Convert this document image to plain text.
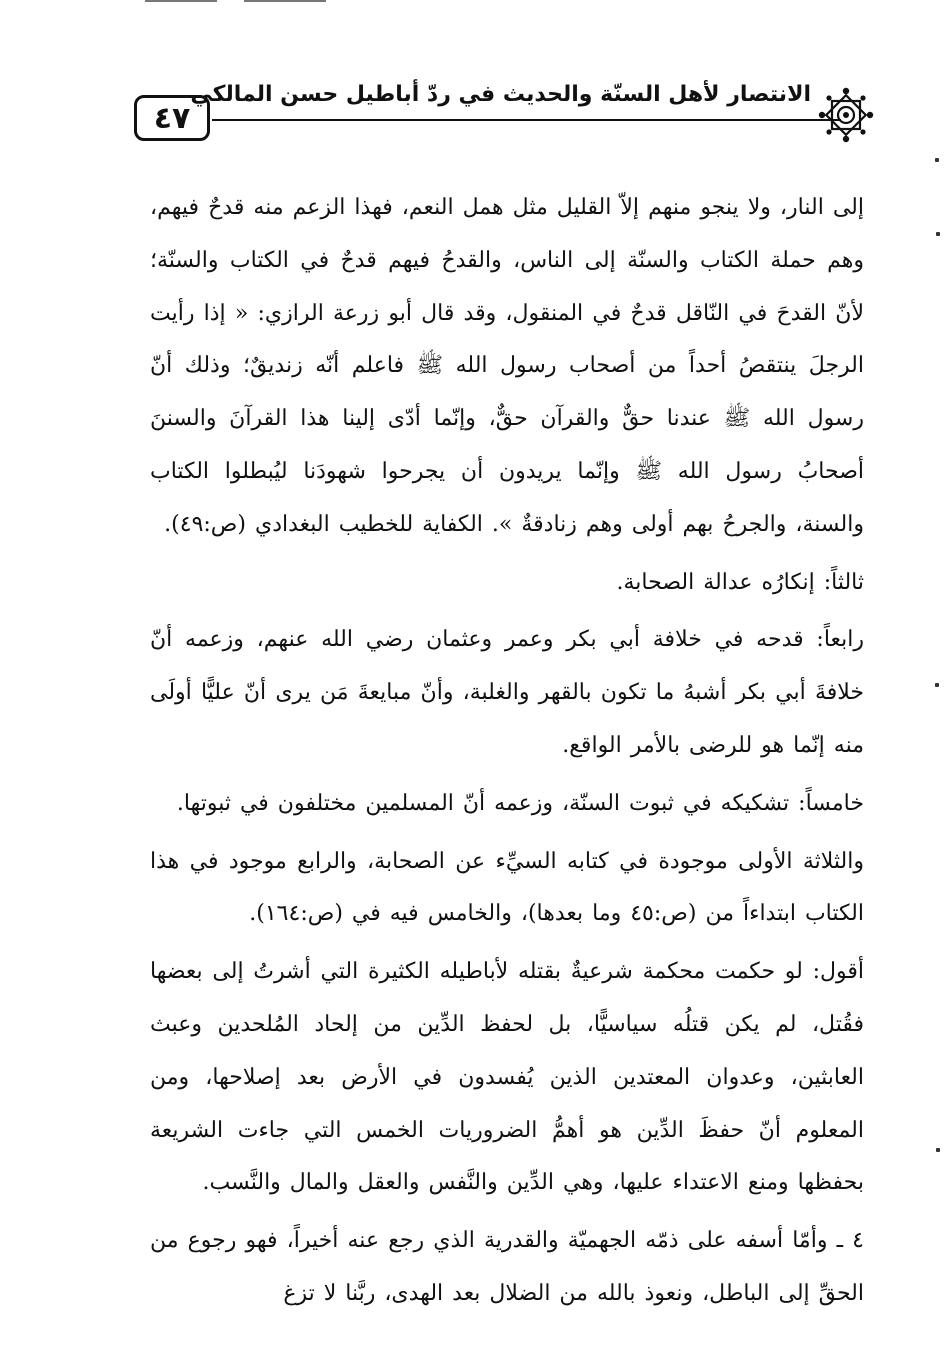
٤٧
الانتصار لأهل السنّة والحديث في ردّ أباطيل حسن المالكي

إلى النار، ولا ينجو منهم إلاّ القليل مثل همل النعم، فهذا الزعم منه قدحٌ فيهم، وهم حملة الكتاب والسنّة إلى الناس، والقدحُ فيهم قدحٌ في الكتاب والسنّة؛ لأنّ القدحَ في النّاقل قدحٌ في المنقول، وقد قال أبو زرعة الرازي: « إذا رأيت الرجلَ ينتقصُ أحداً من أصحاب رسول الله ﷺ فاعلم أنّه زنديقٌ؛ وذلك أنّ رسول الله ﷺ عندنا حقٌّ والقرآن حقٌّ، وإنّما أدّى إلينا هذا القرآنَ والسننَ أصحابُ رسول الله ﷺ وإنّما يريدون أن يجرحوا شهودَنا ليُبطلوا الكتاب والسنة، والجرحُ بهم أولى وهم زنادقةٌ ». الكفاية للخطيب البغدادي (ص:٤٩).

ثالثاً: إنكارُه عدالة الصحابة.

رابعاً: قدحه في خلافة أبي بكر وعمر وعثمان رضي الله عنهم، وزعمه أنّ خلافةَ أبي بكر أشبهُ ما تكون بالقهر والغلبة، وأنّ مبايعةَ مَن يرى أنّ عليًّا أولَى منه إنّما هو للرضى بالأمر الواقع.

خامساً: تشكيكه في ثبوت السنّة، وزعمه أنّ المسلمين مختلفون في ثبوتها.

والثلاثة الأولى موجودة في كتابه السيِّء عن الصحابة، والرابع موجود في هذا الكتاب ابتداءاً من (ص:٤٥ وما بعدها)، والخامس فيه في (ص:١٦٤).

أقول: لو حكمت محكمة شرعيةٌ بقتله لأباطيله الكثيرة التي أشرتُ إلى بعضها فقُتل، لم يكن قتلُه سياسيًّا، بل لحفظ الدِّين من إلحاد المُلحدين وعبث العابثين، وعدوان المعتدين الذين يُفسدون في الأرض بعد إصلاحها، ومن المعلوم أنّ حفظَ الدِّين هو أهمُّ الضروريات الخمس التي جاءت الشريعة بحفظها ومنع الاعتداء عليها، وهي الدِّين والنَّفس والعقل والمال والنَّسب.

٤ ـ وأمّا أسفه على ذمّه الجهميّة والقدرية الذي رجع عنه أخيراً، فهو رجوع من الحقِّ إلى الباطل، ونعوذ بالله من الضلال بعد الهدى، ربَّنا لا تزغ
